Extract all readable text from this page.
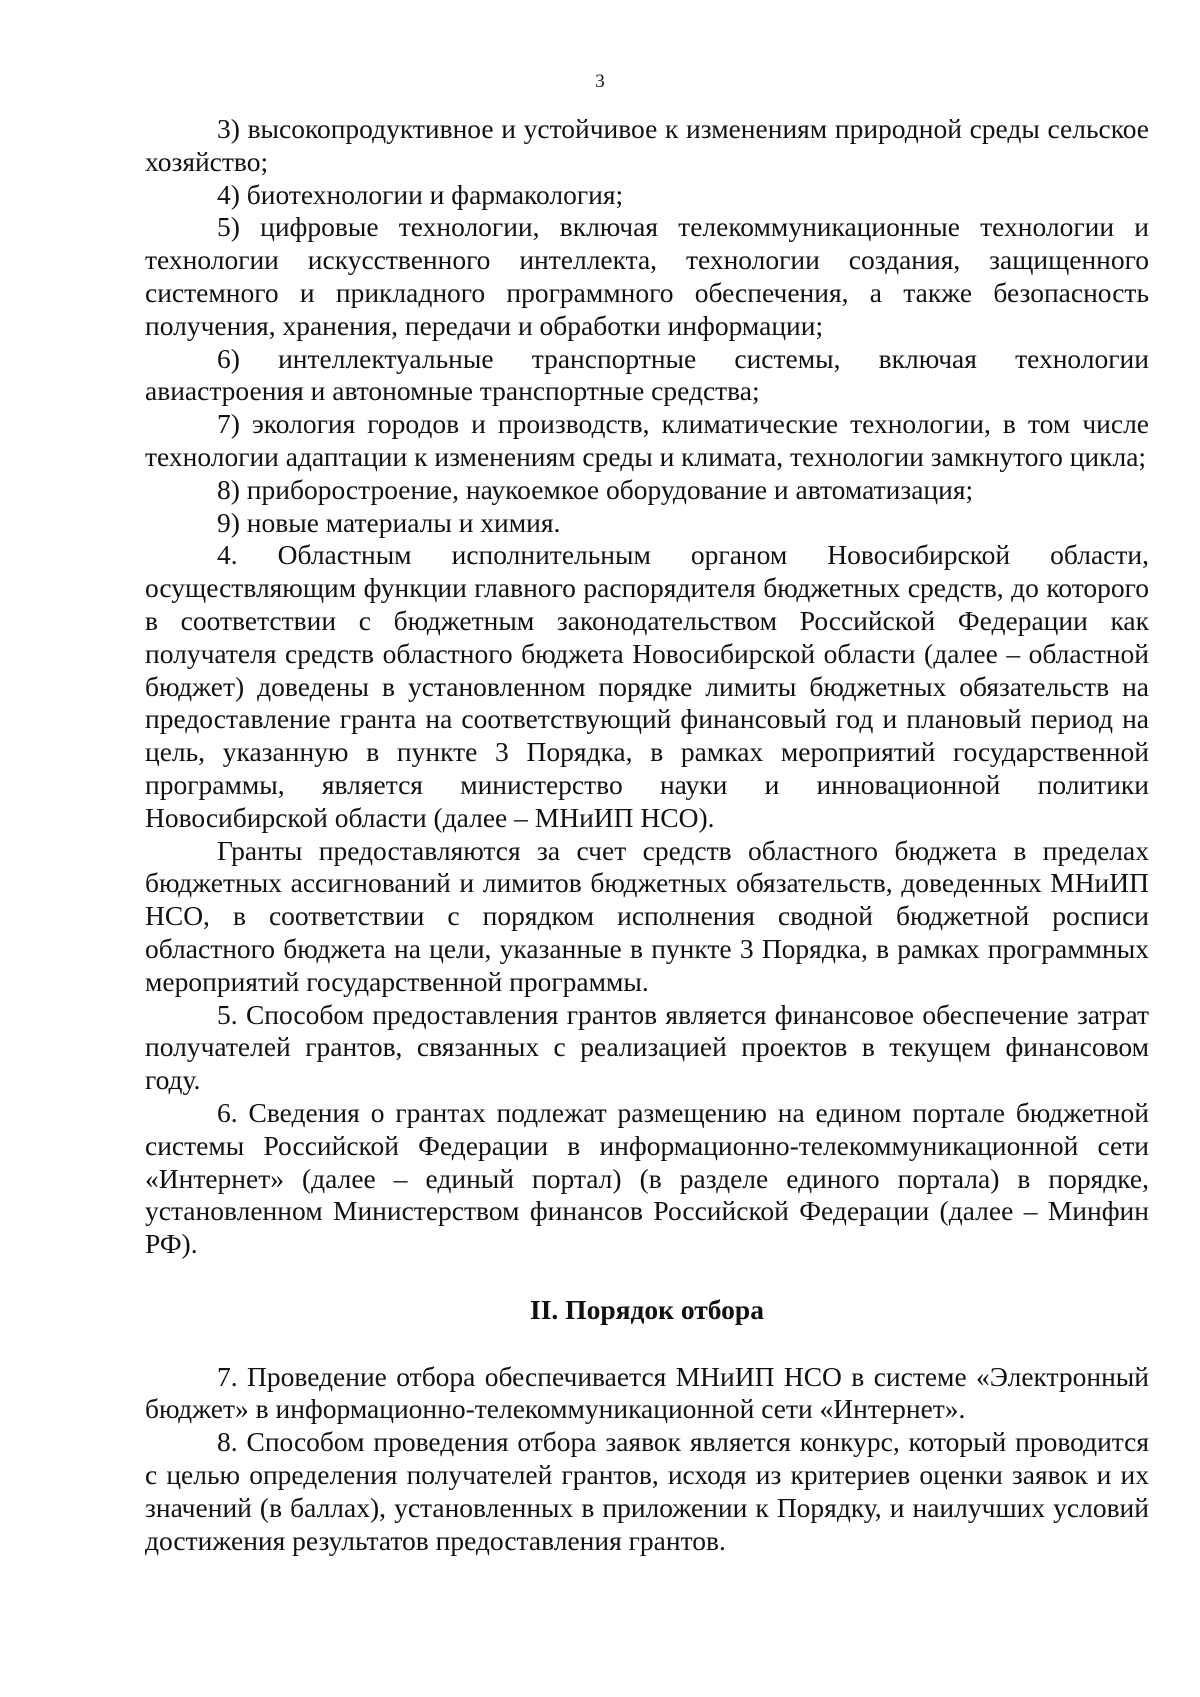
3

3) высокопродуктивное и устойчивое к изменениям природной среды сельское хозяйство;

4) биотехнологии и фармакология;

5) цифровые технологии, включая телекоммуникационные технологии и технологии искусственного интеллекта, технологии создания, защищенного системного и прикладного программного обеспечения, а также безопасность получения, хранения, передачи и обработки информации;

6) интеллектуальные транспортные системы, включая технологии авиастроения и автономные транспортные средства;

7) экология городов и производств, климатические технологии, в том числе технологии адаптации к изменениям среды и климата, технологии замкнутого цикла;

8) приборостроение, наукоемкое оборудование и автоматизация;

9) новые материалы и химия.

4. Областным исполнительным органом Новосибирской области, осуществляющим функции главного распорядителя бюджетных средств, до которого в соответствии с бюджетным законодательством Российской Федерации как получателя средств областного бюджета Новосибирской области (далее – областной бюджет) доведены в установленном порядке лимиты бюджетных обязательств на предоставление гранта на соответствующий финансовый год и плановый период на цель, указанную в пункте 3 Порядка, в рамках мероприятий государственной программы, является министерство науки и инновационной политики Новосибирской области (далее – МНиИП НСО).

Гранты предоставляются за счет средств областного бюджета в пределах бюджетных ассигнований и лимитов бюджетных обязательств, доведенных МНиИП НСО, в соответствии с порядком исполнения сводной бюджетной росписи областного бюджета на цели, указанные в пункте 3 Порядка, в рамках программных мероприятий государственной программы.

5. Способом предоставления грантов является финансовое обеспечение затрат получателей грантов, связанных с реализацией проектов в текущем финансовом году.

6. Сведения о грантах подлежат размещению на едином портале бюджетной системы Российской Федерации в информационно-телекоммуникационной сети «Интернет» (далее – единый портал) (в разделе единого портала) в порядке, установленном Министерством финансов Российской Федерации (далее – Минфин РФ).

II. Порядок отбора

7. Проведение отбора обеспечивается МНиИП НСО в системе «Электронный бюджет» в информационно-телекоммуникационной сети «Интернет».

8. Способом проведения отбора заявок является конкурс, который проводится с целью определения получателей грантов, исходя из критериев оценки заявок и их значений (в баллах), установленных в приложении к Порядку, и наилучших условий достижения результатов предоставления грантов.
